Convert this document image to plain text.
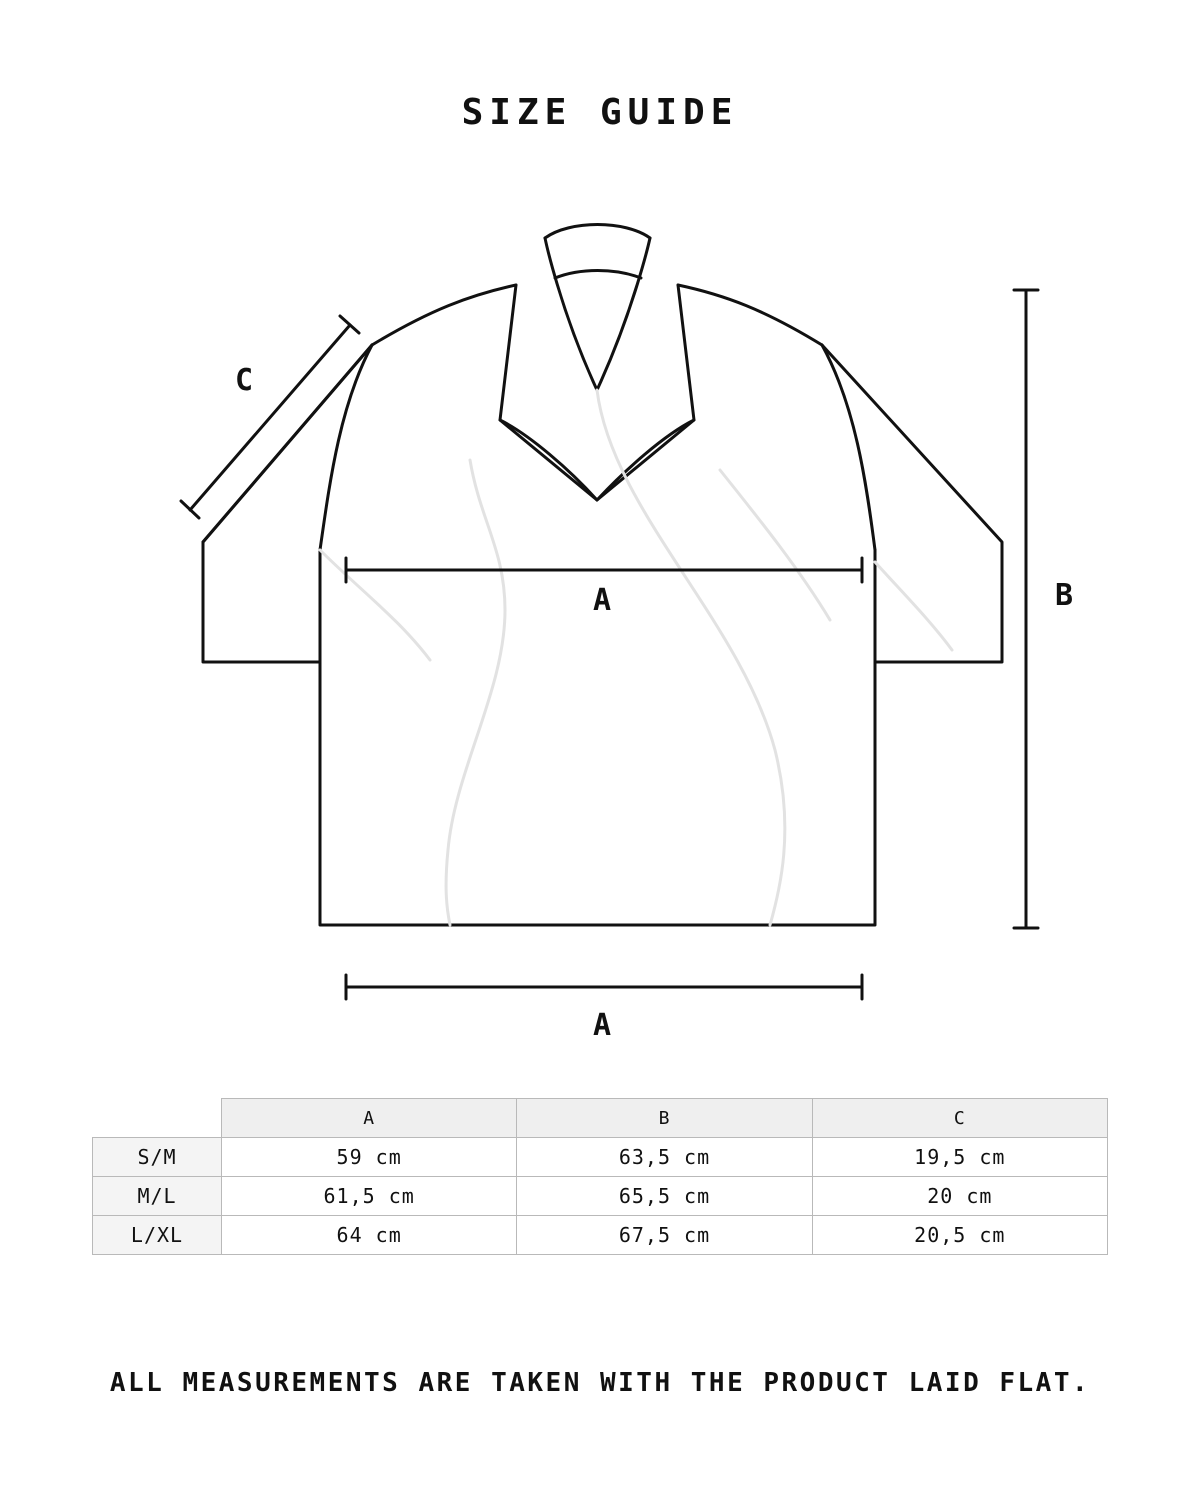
SIZE GUIDE
A
A
B
C
	A	B	C
S/M	59 cm	63,5 cm	19,5 cm
M/L	61,5 cm	65,5 cm	20 cm
L/XL	64 cm	67,5 cm	20,5 cm
ALL MEASUREMENTS ARE TAKEN WITH THE PRODUCT LAID FLAT.
